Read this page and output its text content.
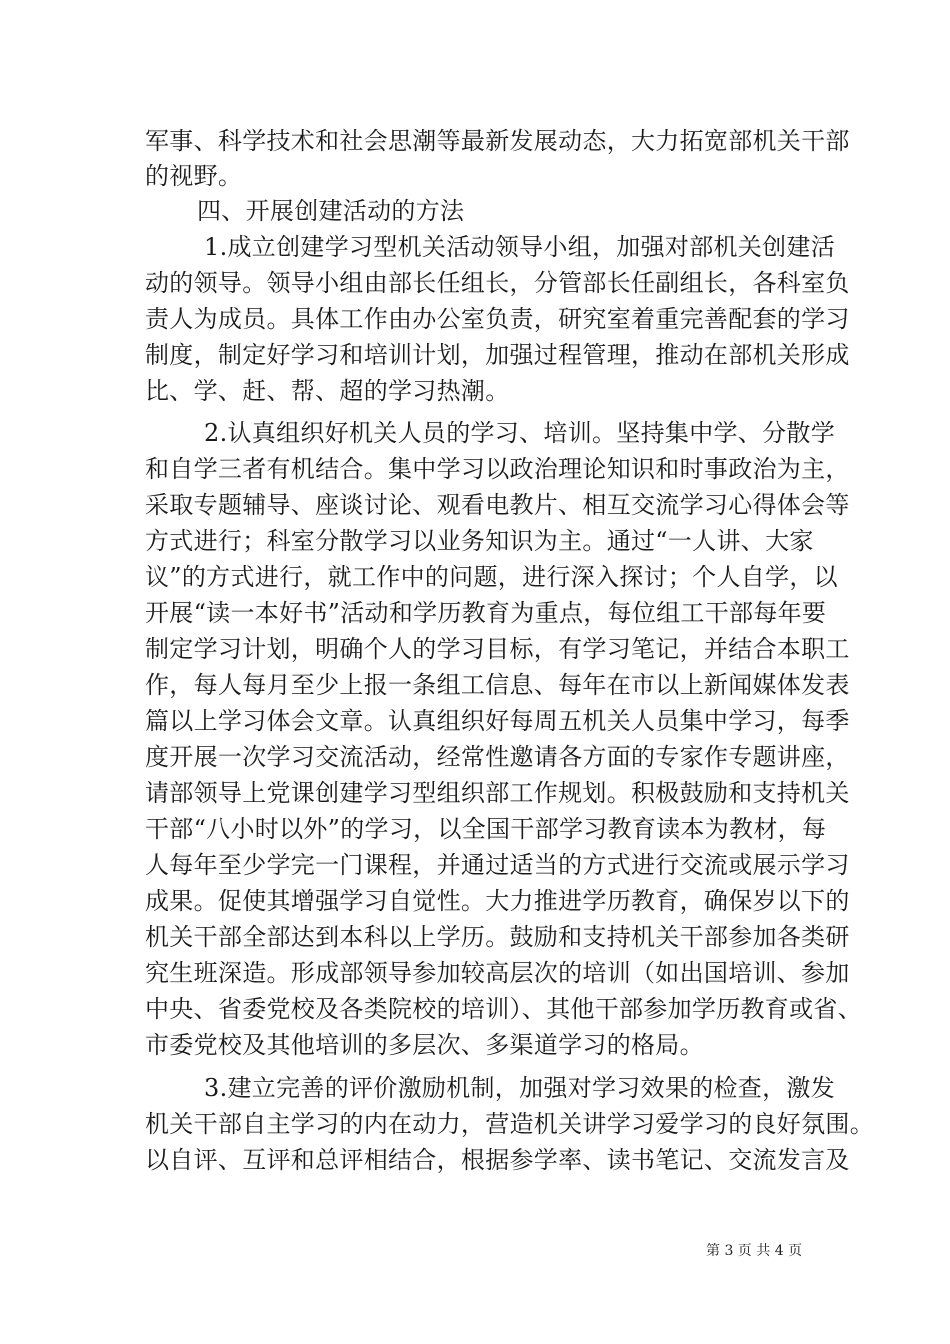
军事、科学技术和社会思潮等最新发展动态，大力拓宽部机关干部
的视野。
四、开展创建活动的方法
1.成立创建学习型机关活动领导小组，加强对部机关创建活
动的领导。领导小组由部长任组长，分管部长任副组长，各科室负
责人为成员。具体工作由办公室负责，研究室着重完善配套的学习
制度，制定好学习和培训计划，加强过程管理，推动在部机关形成
比、学、赶、帮、超的学习热潮。
2.认真组织好机关人员的学习、培训。坚持集中学、分散学
和自学三者有机结合。集中学习以政治理论知识和时事政治为主，
采取专题辅导、座谈讨论、观看电教片、相互交流学习心得体会等
方式进行；科室分散学习以业务知识为主。通过“一人讲、大家
议”的方式进行，就工作中的问题，进行深入探讨；个人自学，以
开展“读一本好书”活动和学历教育为重点，每位组工干部每年要
制定学习计划，明确个人的学习目标，有学习笔记，并结合本职工
作，每人每月至少上报一条组工信息、每年在市以上新闻媒体发表
篇以上学习体会文章。认真组织好每周五机关人员集中学习，每季
度开展一次学习交流活动，经常性邀请各方面的专家作专题讲座，
请部领导上党课创建学习型组织部工作规划。积极鼓励和支持机关
干部“八小时以外”的学习，以全国干部学习教育读本为教材，每
人每年至少学完一门课程，并通过适当的方式进行交流或展示学习
成果。促使其增强学习自觉性。大力推进学历教育，确保岁以下的
机关干部全部达到本科以上学历。鼓励和支持机关干部参加各类研
究生班深造。形成部领导参加较高层次的培训（如出国培训、参加
中央、省委党校及各类院校的培训）、其他干部参加学历教育或省、
市委党校及其他培训的多层次、多渠道学习的格局。
3.建立完善的评价激励机制，加强对学习效果的检查，激发
机关干部自主学习的内在动力，营造机关讲学习爱学习的良好氛围。
以自评、互评和总评相结合，根据参学率、读书笔记、交流发言及
第 3 页 共 4 页
